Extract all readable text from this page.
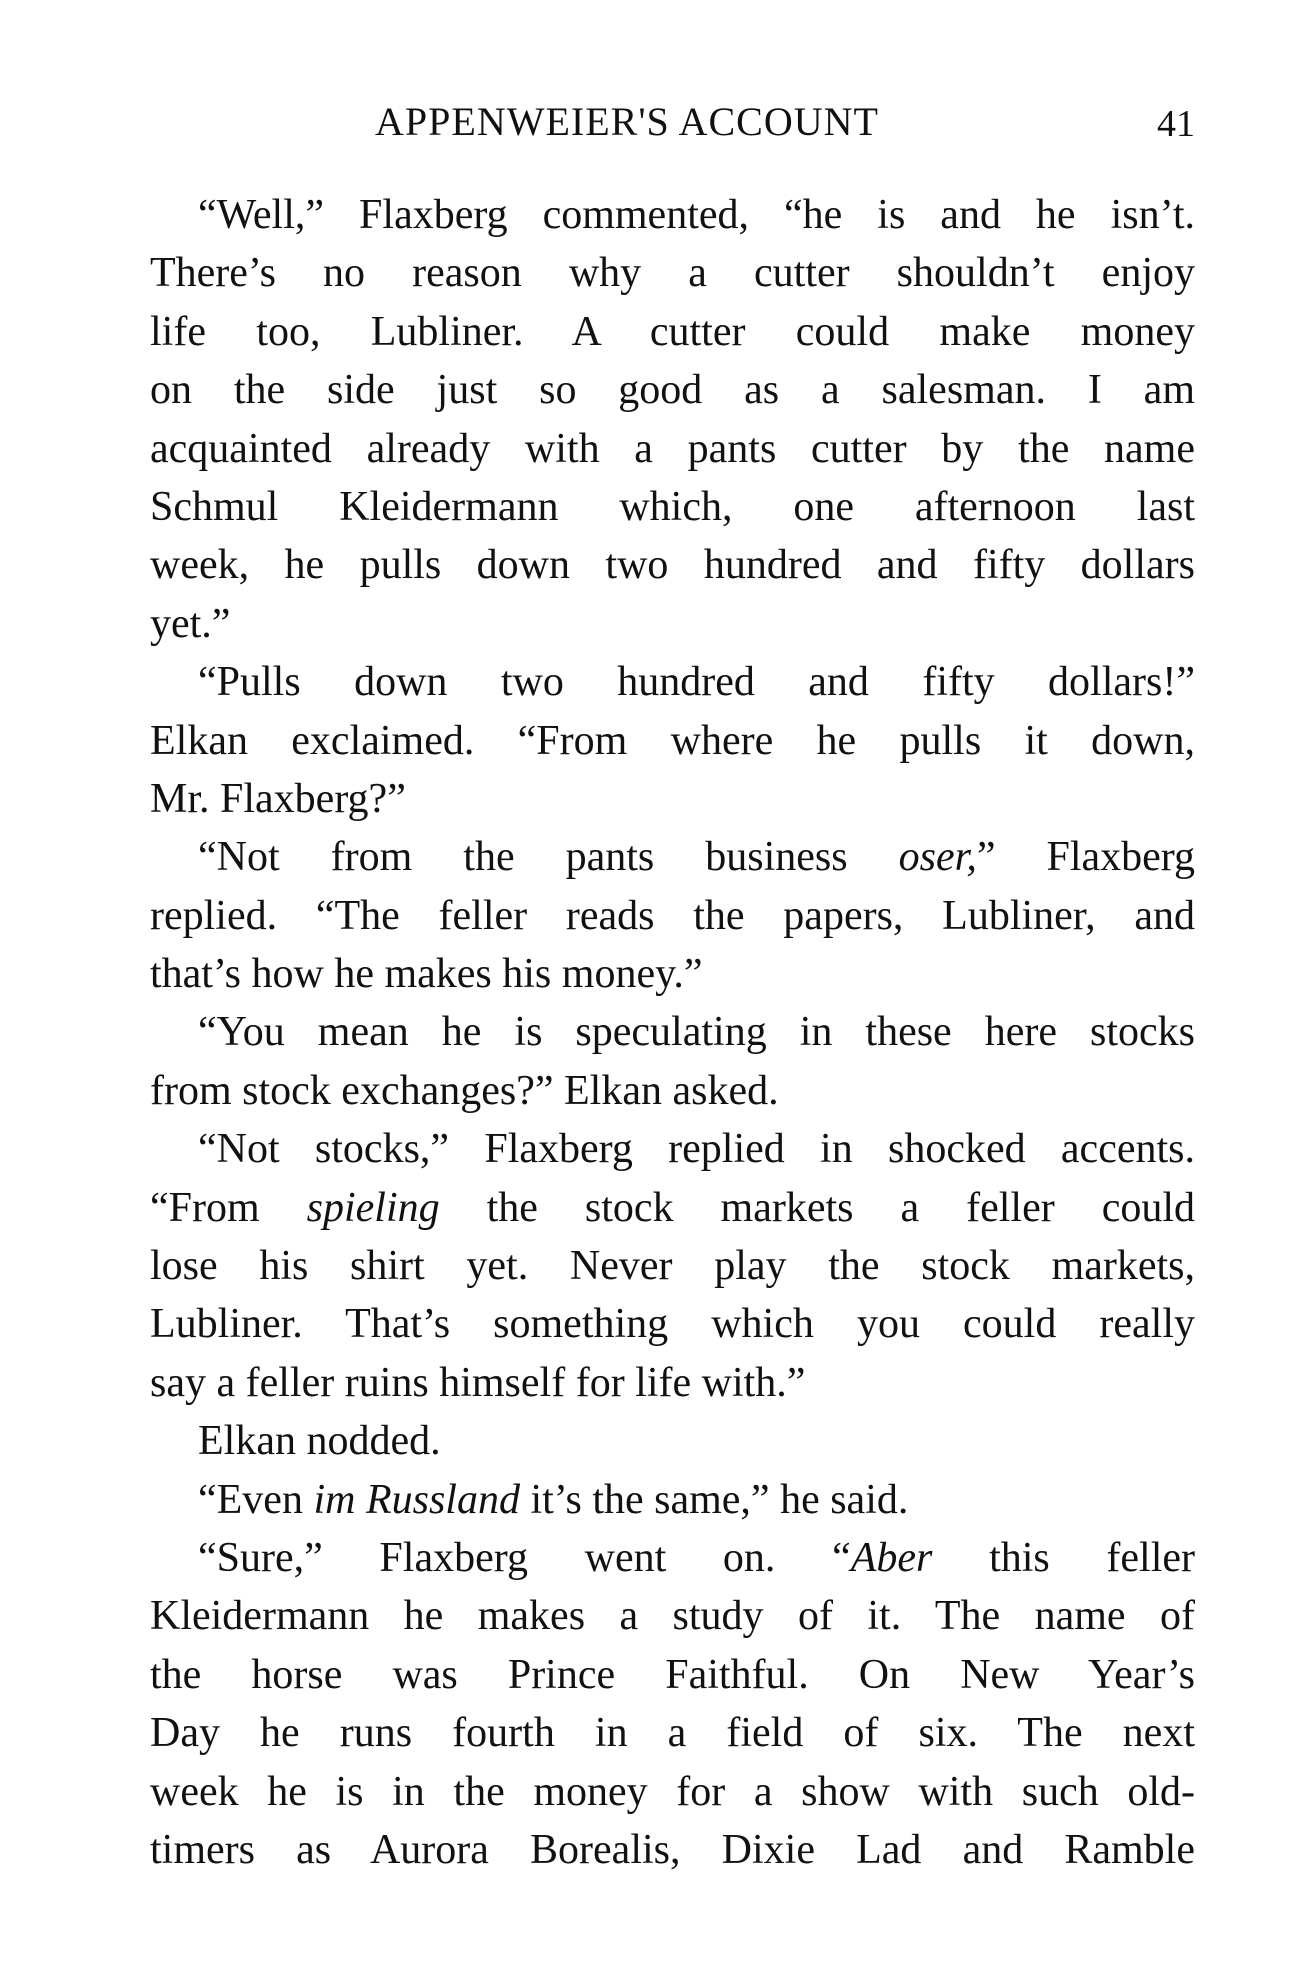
APPENWEIER'S ACCOUNT	41
“Well,” Flaxberg commented, “he is and he isn’t.
There’s no reason why a cutter shouldn’t enjoy
life too, Lubliner. A cutter could make money
on the side just so good as a salesman. I am
acquainted already with a pants cutter by the name
Schmul Kleidermann which, one afternoon last
week, he pulls down two hundred and fifty dollars
yet.”
“Pulls down two hundred and fifty dollars!”
Elkan exclaimed. “From where he pulls it down,
Mr. Flaxberg?”
“Not from the pants business oser,” Flaxberg
replied. “The feller reads the papers, Lubliner, and
that’s how he makes his money.”
“You mean he is speculating in these here stocks
from stock exchanges?” Elkan asked.
“Not stocks,” Flaxberg replied in shocked accents.
“From spieling the stock markets a feller could
lose his shirt yet. Never play the stock markets,
Lubliner. That’s something which you could really
say a feller ruins himself for life with.”
Elkan nodded.
“Even im Russland it’s the same,” he said.
“Sure,” Flaxberg went on. “Aber this feller
Kleidermann he makes a study of it. The name of
the horse was Prince Faithful. On New Year’s
Day he runs fourth in a field of six. The next
week he is in the money for a show with such old-
timers as Aurora Borealis, Dixie Lad and Ramble
